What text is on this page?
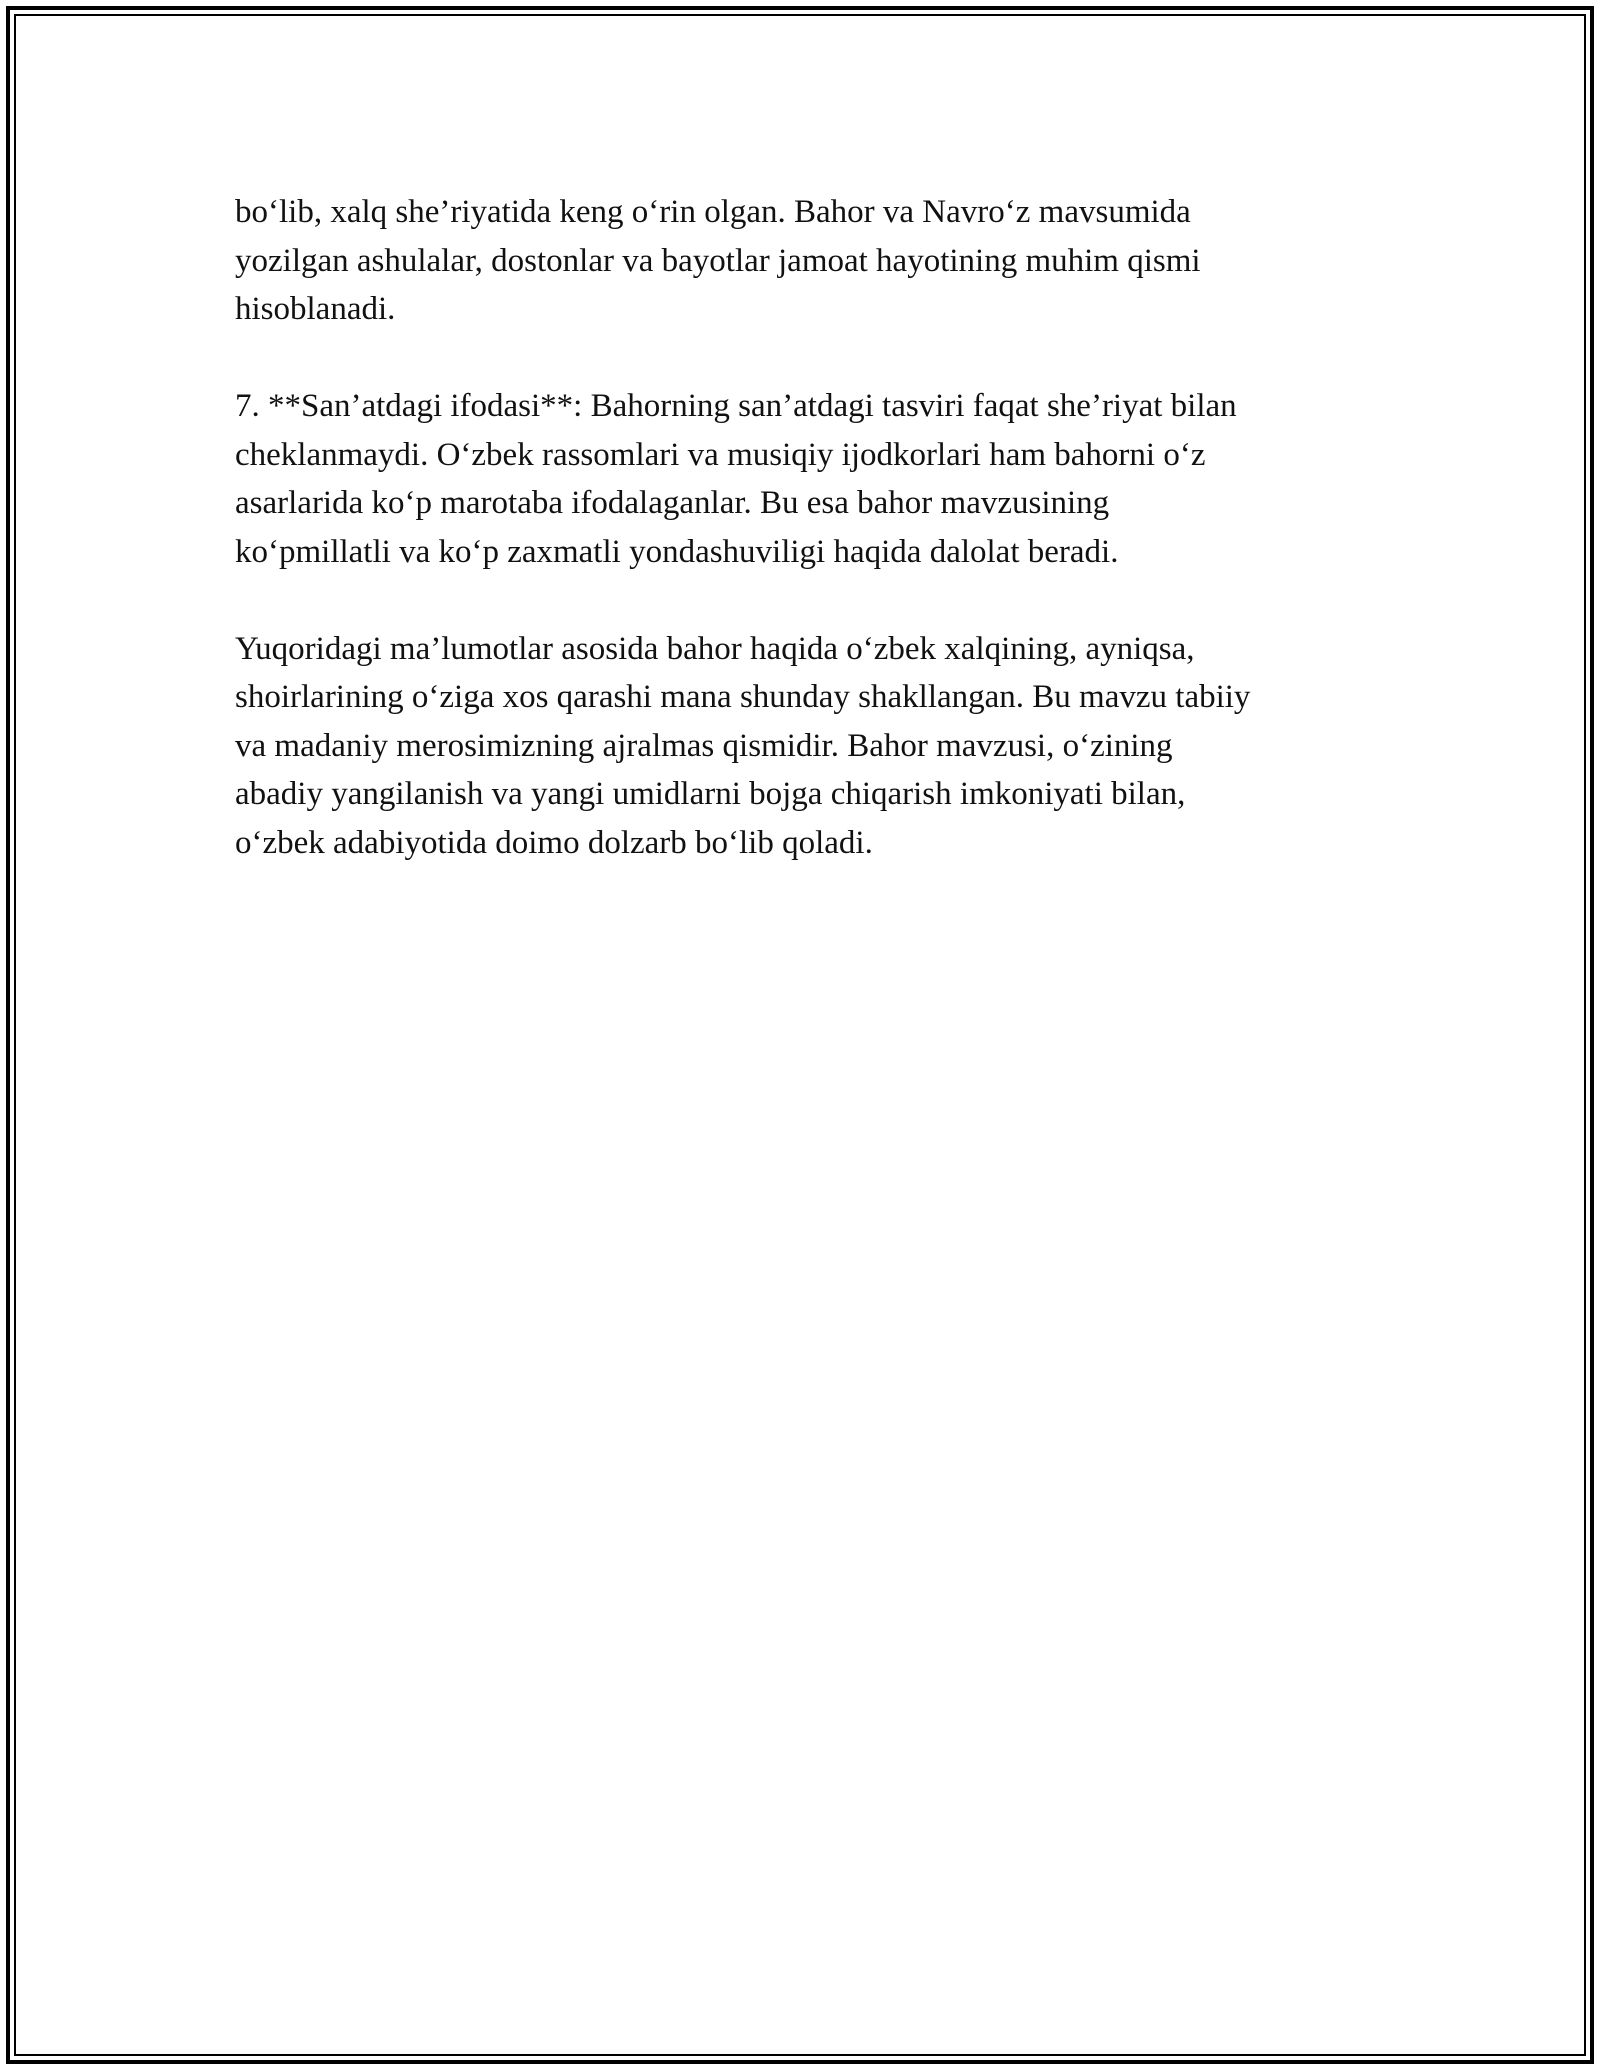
bo‘lib, xalq she’riyatida keng o‘rin olgan. Bahor va Navro‘z mavsumida
yozilgan ashulalar, dostonlar va bayotlar jamoat hayotining muhim qismi
hisoblanadi.

7. **San’atdagi ifodasi**: Bahorning san’atdagi tasviri faqat she’riyat bilan
cheklanmaydi. O‘zbek rassomlari va musiqiy ijodkorlari ham bahorni o‘z
asarlarida ko‘p marotaba ifodalaganlar. Bu esa bahor mavzusining
ko‘pmillatli va ko‘p zaxmatli yondashuviligi haqida dalolat beradi.

Yuqoridagi ma’lumotlar asosida bahor haqida o‘zbek xalqining, ayniqsa,
shoirlarining o‘ziga xos qarashi mana shunday shakllangan. Bu mavzu tabiiy
va madaniy merosimizning ajralmas qismidir. Bahor mavzusi, o‘zining
abadiy yangilanish va yangi umidlarni bojga chiqarish imkoniyati bilan,
o‘zbek adabiyotida doimo dolzarb bo‘lib qoladi.
